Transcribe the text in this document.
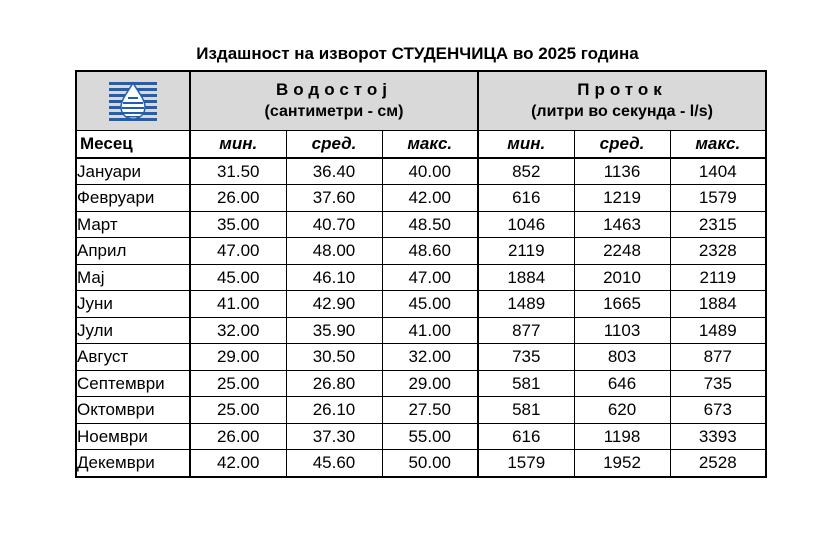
Издашност на изворот СТУДЕНЧИЦА во 2025 година

Водостој
(сантиметри - см)			Проток
(литри во секунда - l/s)		

Месец	мин.	сред.	макс.	мин.	сред.	макс.
Јануари	31.50	36.40	40.00	852	1136	1404
Февруари	26.00	37.60	42.00	616	1219	1579
Март	35.00	40.70	48.50	1046	1463	2315
Април	47.00	48.00	48.60	2119	2248	2328
Мај	45.00	46.10	47.00	1884	2010	2119
Јуни	41.00	42.90	45.00	1489	1665	1884
Јули	32.00	35.90	41.00	877	1103	1489
Август	29.00	30.50	32.00	735	803	877
Септември	25.00	26.80	29.00	581	646	735
Октомври	25.00	26.10	27.50	581	620	673
Ноември	26.00	37.30	55.00	616	1198	3393
Декември	42.00	45.60	50.00	1579	1952	2528
